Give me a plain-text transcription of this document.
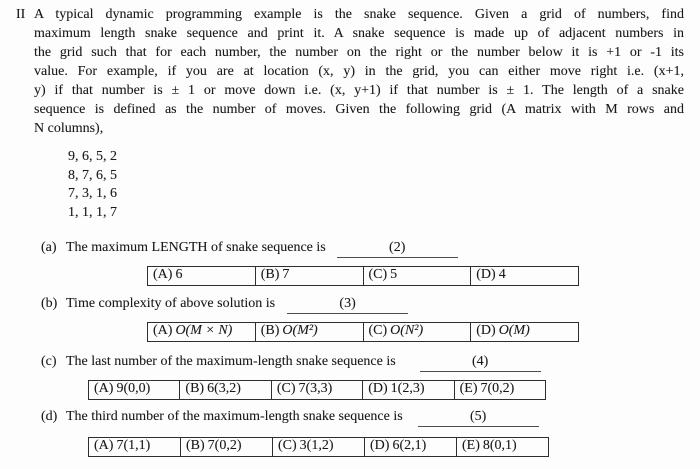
II A typical dynamic programming example is the snake sequence. Given a grid of numbers, find
maximum length snake sequence and print it. A snake sequence is made up of adjacent numbers in
the grid such that for each number, the number on the right or the number below it is +1 or -1 its
value. For example, if you are at location (x, y) in the grid, you can either move right i.e. (x+1,
y) if that number is ± 1 or move down i.e. (x, y+1) if that number is ± 1. The length of a snake
sequence is defined as the number of moves. Given the following grid (A matrix with M rows and
N columns),
9, 6, 5, 2
8, 7, 6, 5
7, 3, 1, 6
1, 1, 1, 7
(a) The maximum LENGTH of snake sequence is	(2)
(A) 6	(B) 7	(C) 5	(D) 4
(b) Time complexity of above solution is	(3)
(A) O(M × N)	(B) O(M²)	(C) O(N²)	(D) O(M)
(c) The last number of the maximum-length snake sequence is	(4)
(A) 9(0,0)	(B) 6(3,2)	(C) 7(3,3)	(D) 1(2,3)	(E) 7(0,2)
(d) The third number of the maximum-length snake sequence is	(5)
(A) 7(1,1)	(B) 7(0,2)	(C) 3(1,2)	(D) 6(2,1)	(E) 8(0,1)
